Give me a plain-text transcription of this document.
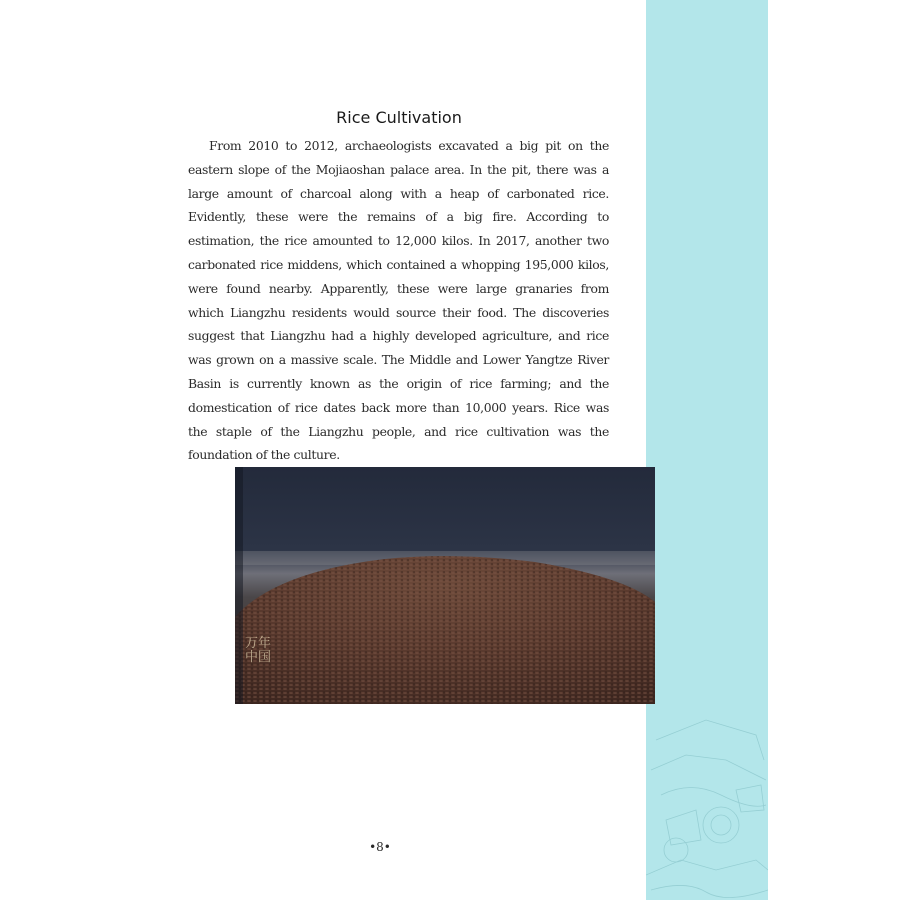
Rice Cultivation

From 2010 to 2012, archaeologists excavated a big pit on the eastern slope of the Mojiaoshan palace area. In the pit, there was a large amount of charcoal along with a heap of carbonated rice. Evidently, these were the remains of a big fire. According to estimation, the rice amounted to 12,000 kilos. In 2017, another two carbonated rice middens, which contained a whopping 195,000 kilos, were found nearby. Apparently, these were large granaries from which Liangzhu residents would source their food. The discoveries suggest that Liangzhu had a highly developed agriculture, and rice was grown on a massive scale. The Middle and Lower Yangtze River Basin is currently known as the origin of rice farming; and the domestication of rice dates back more than 10,000 years. Rice was the staple of the Liangzhu people, and rice cultivation was the foundation of the culture.

万年中国
•8•
